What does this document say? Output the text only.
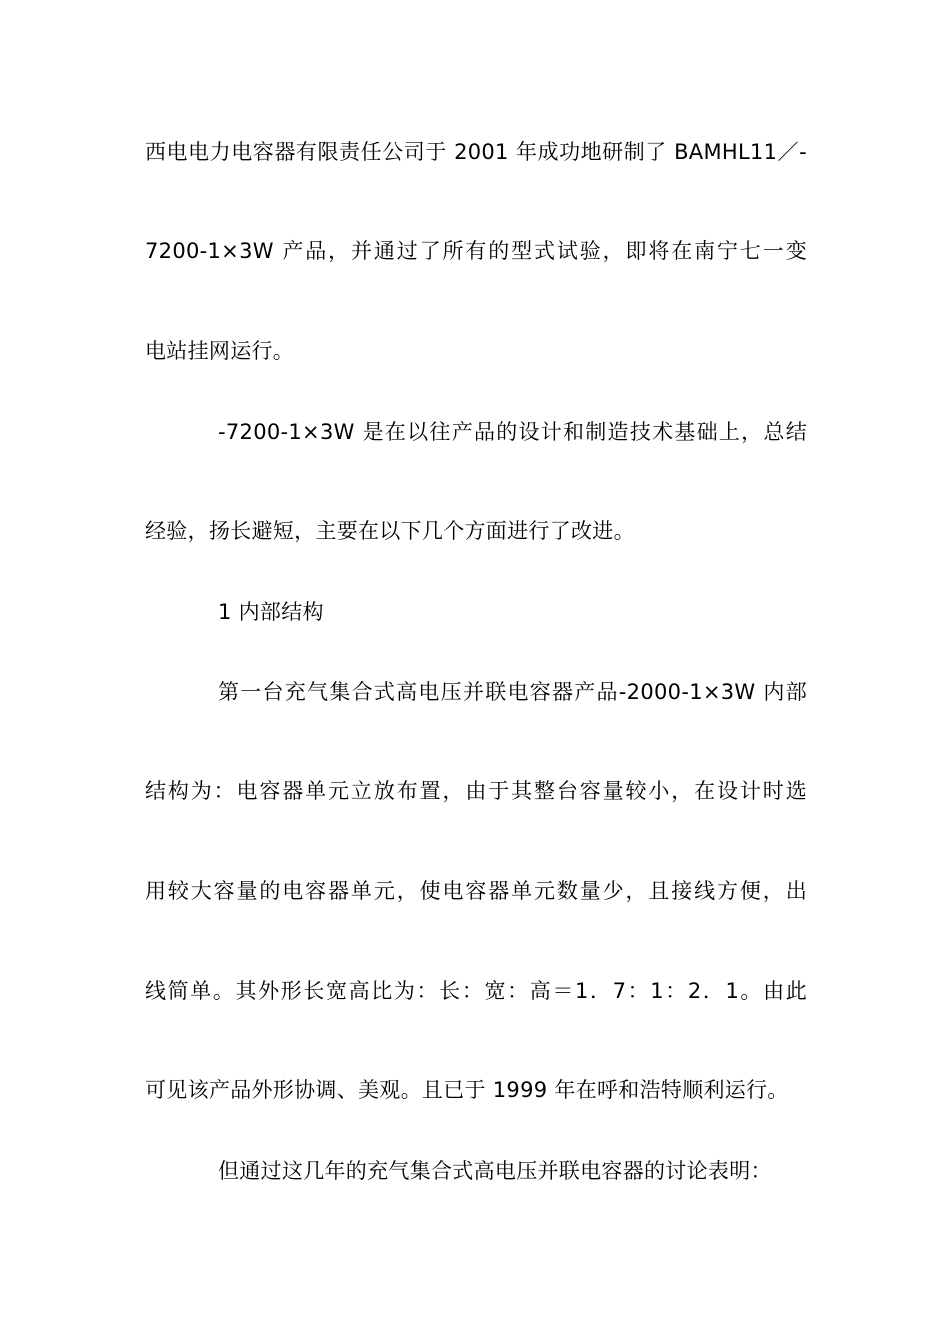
西电电力电容器有限责任公司于 2001 年成功地研制了 BAMHL11／-
7200-1×3W 产品，并通过了所有的型式试验，即将在南宁七一变
电站挂网运行。
-7200-1×3W 是在以往产品的设计和制造技术基础上，总结
经验，扬长避短，主要在以下几个方面进行了改进。
1 内部结构
第一台充气集合式高电压并联电容器产品-2000-1×3W 内部
结构为：电容器单元立放布置，由于其整台容量较小，在设计时选
用较大容量的电容器单元，使电容器单元数量少，且接线方便，出
线简单。其外形长宽高比为：长：宽：高＝1．7：1：2．1。由此
可见该产品外形协调、美观。且已于 1999 年在呼和浩特顺利运行。
但通过这几年的充气集合式高电压并联电容器的讨论表明：
